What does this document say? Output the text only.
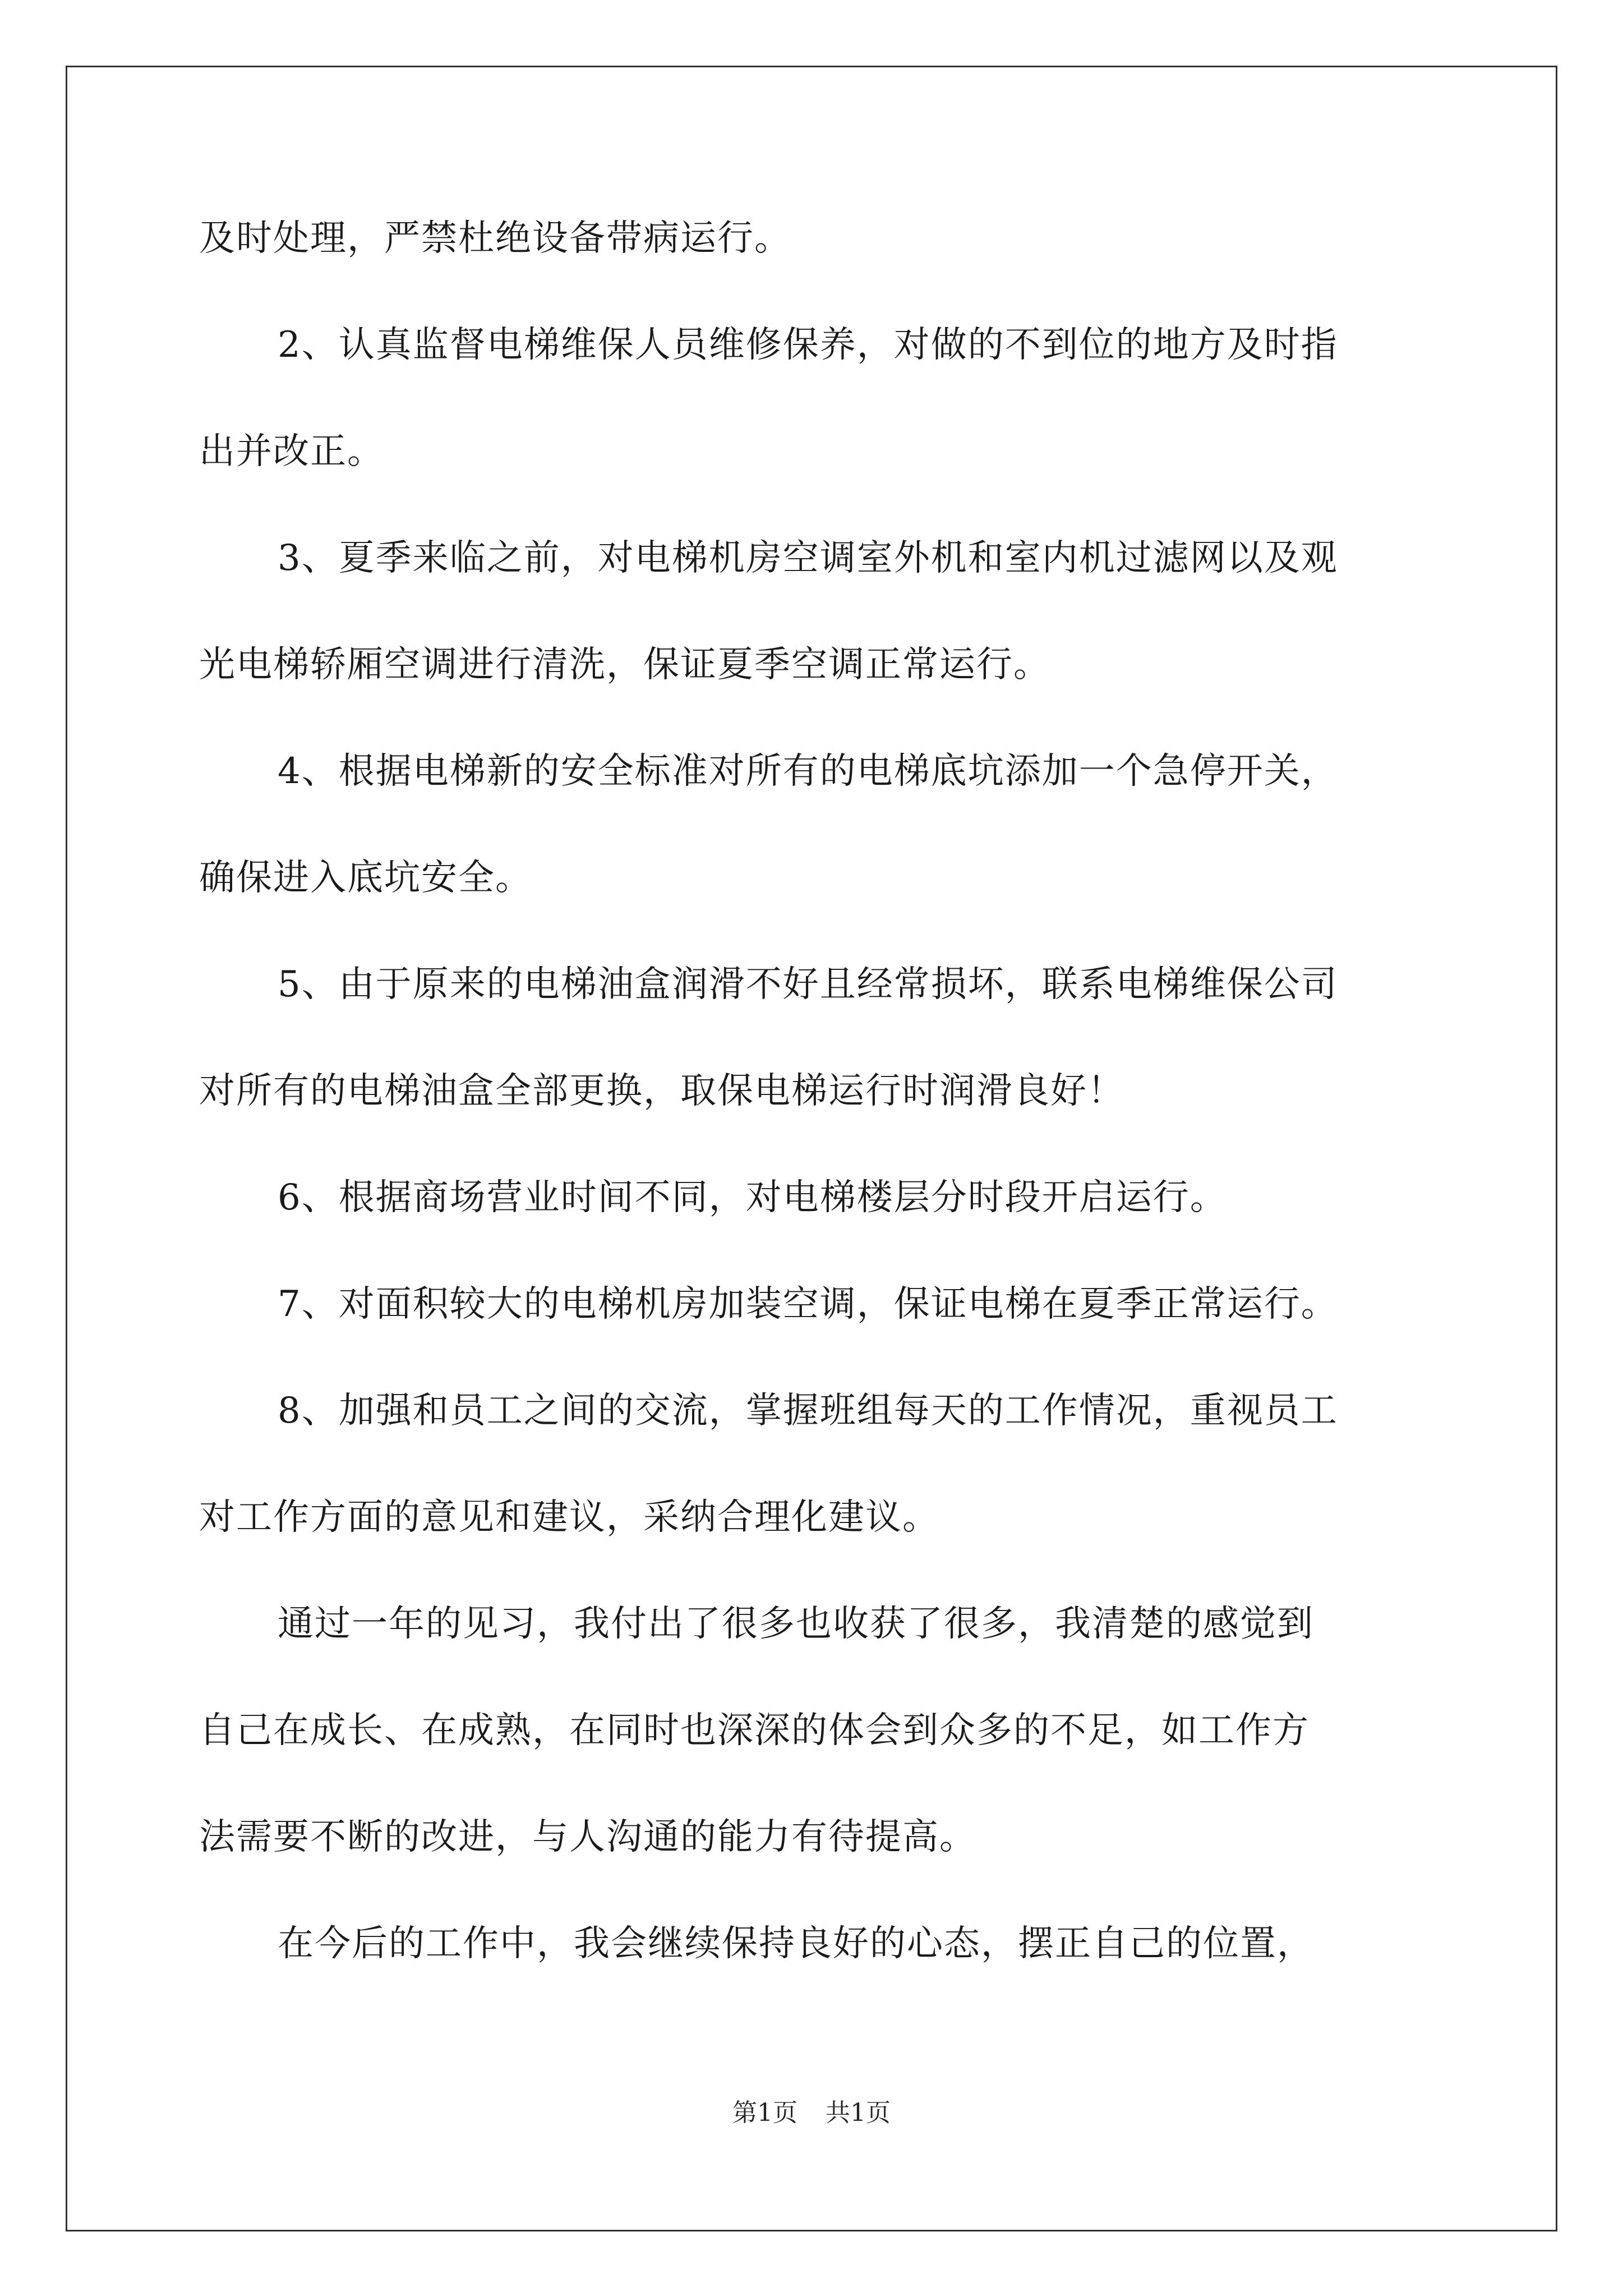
及时处理，严禁杜绝设备带病运行。

2、认真监督电梯维保人员维修保养，对做的不到位的地方及时指

出并改正。

3、夏季来临之前，对电梯机房空调室外机和室内机过滤网以及观

光电梯轿厢空调进行清洗，保证夏季空调正常运行。

4、根据电梯新的安全标准对所有的电梯底坑添加一个急停开关，

确保进入底坑安全。

5、由于原来的电梯油盒润滑不好且经常损坏，联系电梯维保公司

对所有的电梯油盒全部更换，取保电梯运行时润滑良好！

6、根据商场营业时间不同，对电梯楼层分时段开启运行。

7、对面积较大的电梯机房加装空调，保证电梯在夏季正常运行。

8、加强和员工之间的交流，掌握班组每天的工作情况，重视员工

对工作方面的意见和建议，采纳合理化建议。

通过一年的见习，我付出了很多也收获了很多，我清楚的感觉到

自己在成长、在成熟，在同时也深深的体会到众多的不足，如工作方

法需要不断的改进，与人沟通的能力有待提高。

在今后的工作中，我会继续保持良好的心态，摆正自己的位置，

第1页 共1页
